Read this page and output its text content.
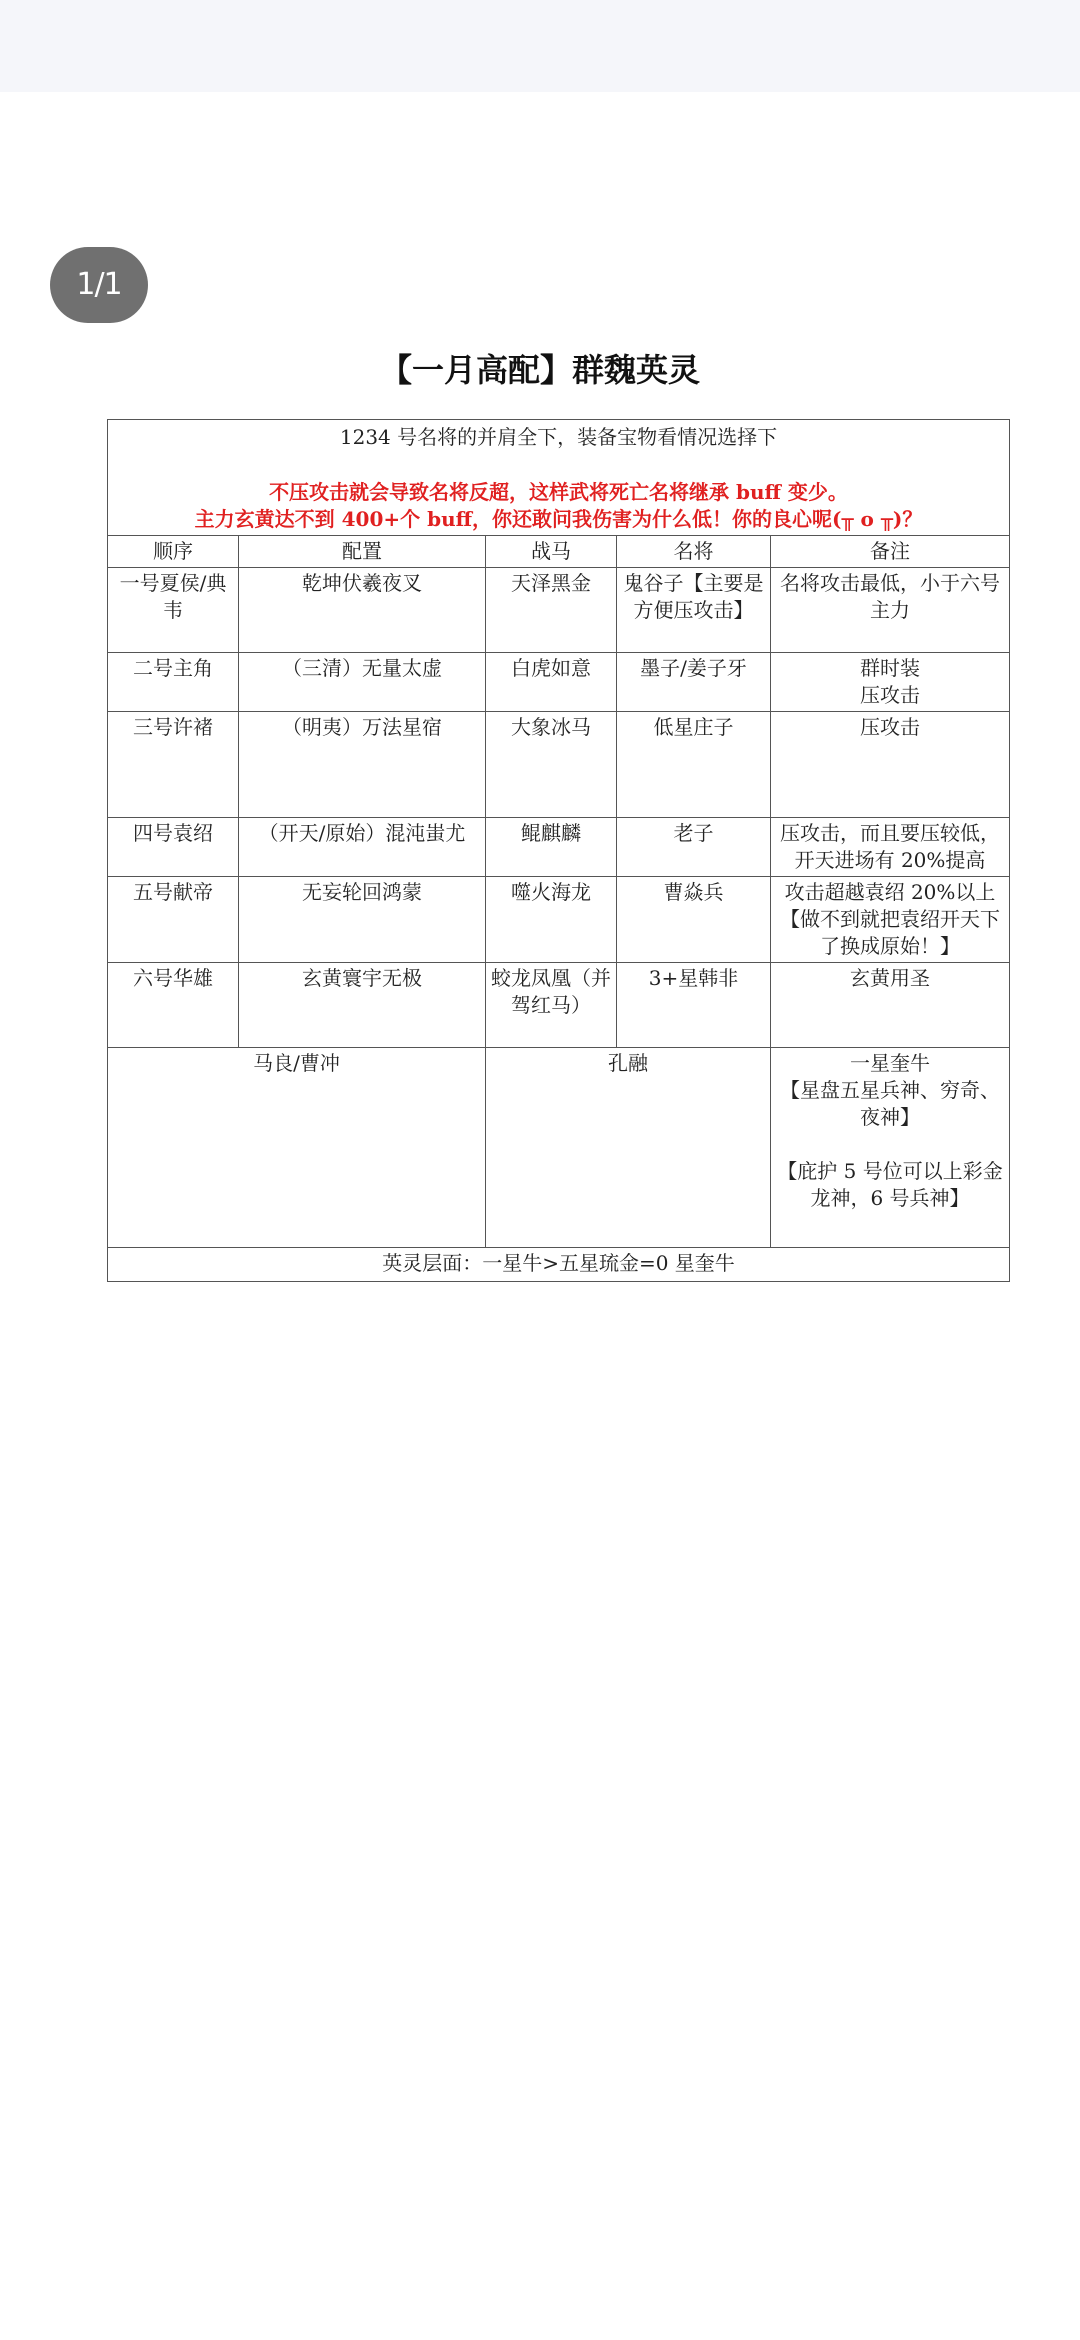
1/1
【一月高配】群魏英灵
1234 号名将的并肩全下，装备宝物看情况选择下
不压攻击就会导致名将反超，这样武将死亡名将继承 buff 变少。
主力玄黄达不到 400+个 buff，你还敢问我伤害为什么低！你的良心呢(╥ o ╥)？				

顺序	配置	战马	名将	备注
一号夏侯/典韦	乾坤伏羲夜叉	天泽黑金	鬼谷子【主要是方便压攻击】	名将攻击最低，小于六号主力
二号主角	（三清）无量太虚	白虎如意	墨子/姜子牙	群时装
压攻击
三号许褚	（明夷）万法星宿	大象冰马	低星庄子	压攻击
四号袁绍	（开天/原始）混沌蚩尤	鲲麒麟	老子	压攻击，而且要压较低，开天进场有 20%提高
五号献帝	无妄轮回鸿蒙	噬火海龙	曹焱兵	攻击超越袁绍 20%以上【做不到就把袁绍开天下了换成原始！】
六号华雄	玄黄寰宇无极	蛟龙凤凰（并驾红马）	3+星韩非	玄黄用圣
马良/曹冲		孔融		一星奎牛
【星盘五星兵神、穷奇、夜神】
【庇护 5 号位可以上彩金龙神，6 号兵神】

英灵层面：一星牛>五星琉金=0 星奎牛				
